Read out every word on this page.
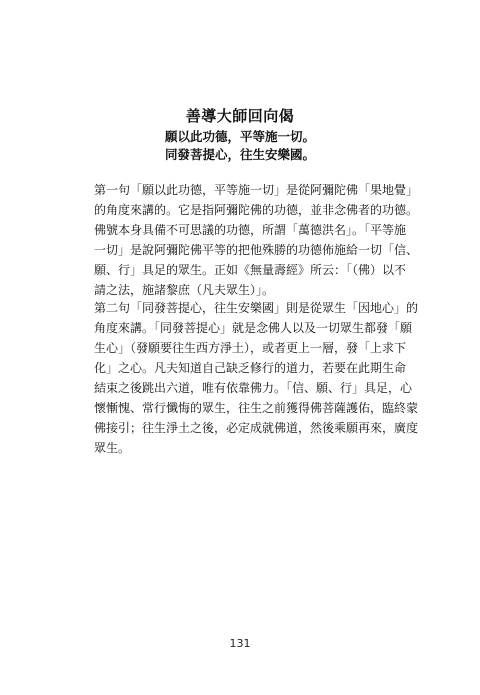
善導大師回向偈
願以此功德，平等施一切。
同發菩提心，往生安樂國。

第一句「願以此功德，平等施一切」是從阿彌陀佛「果地覺」
的角度來講的。它是指阿彌陀佛的功德，並非念佛者的功德。
佛號本身具備不可思議的功德，所謂「萬德洪名」。「平等施
一切」是說阿彌陀佛平等的把他殊勝的功德佈施給一切「信、
願、行」具足的眾生。正如《無量壽經》所云：「（佛）以不
請之法，施諸黎庶（凡夫眾生）」。

第二句「同發菩提心，往生安樂國」則是從眾生「因地心」的
角度來講。「同發菩提心」就是念佛人以及一切眾生都發「願
生心」（發願要往生西方淨土），或者更上一層，發「上求下
化」之心。凡夫知道自己缺乏修行的道力，若要在此期生命
結束之後跳出六道，唯有依靠佛力。「信、願、行」具足，心
懷慚愧、常行懺悔的眾生，往生之前獲得佛菩薩護佑，臨終蒙
佛接引；往生淨土之後，必定成就佛道，然後乘願再來，廣度
眾生。

131
